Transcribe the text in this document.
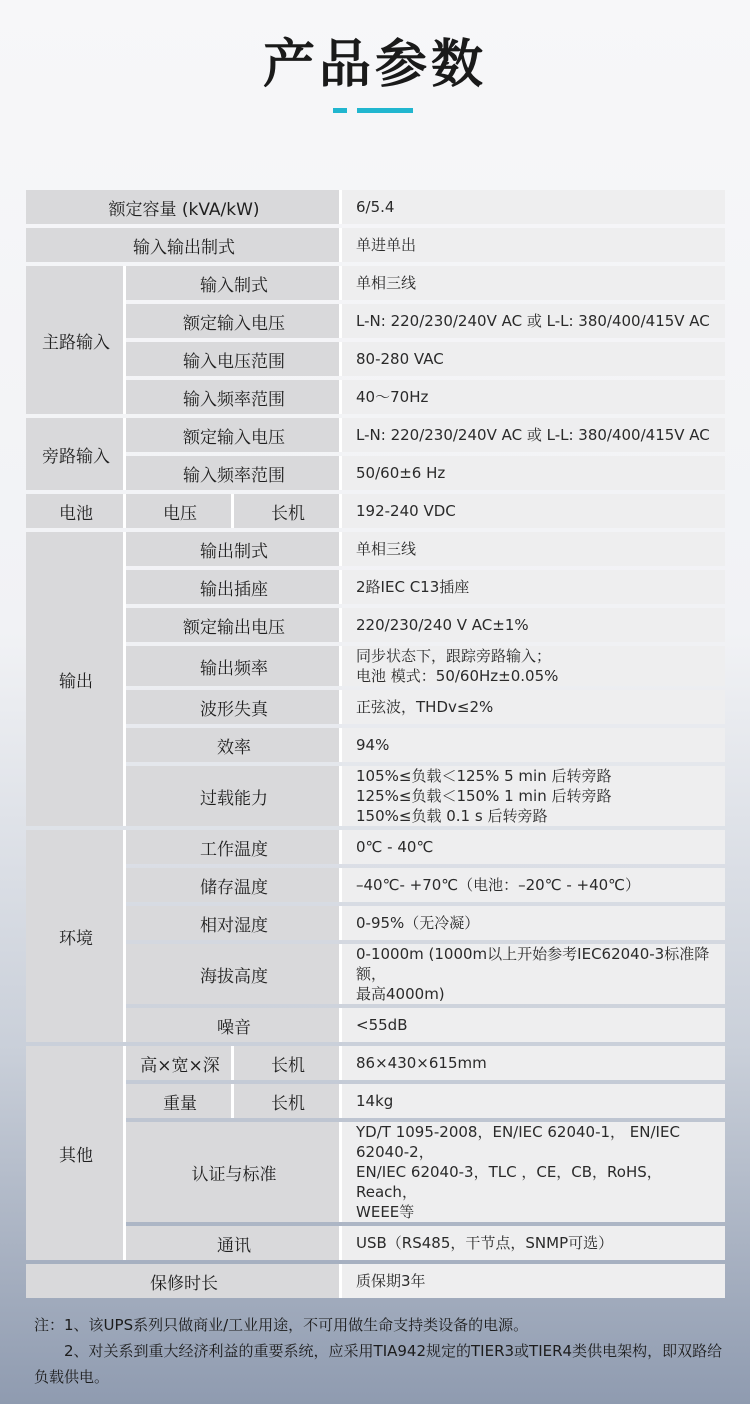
产品参数
额定容量 (kVA/kW)			6/5.4
输入输出制式			单进单出
主路输入	输入制式		单相三线
	额定输入电压		L-N: 220/230/240V AC 或 L-L: 380/400/415V AC
	输入电压范围		80-280 VAC
	输入频率范围		40～70Hz
旁路输入	额定输入电压		L-N: 220/230/240V AC 或 L-L: 380/400/415V AC
	输入频率范围		50/60±6 Hz
电池	电压	长机	192-240 VDC
输出	输出制式		单相三线
	输出插座		2路IEC C13插座
	额定输出电压		220/230/240 V AC±1%
	输出频率		同步状态下，跟踪旁路输入；
电池 模式：50/60Hz±0.05%

	波形失真		正弦波，THDv≤2%
	效率		94%
	过载能力		105%≤负载＜125% 5 min 后转旁路
125%≤负载＜150% 1 min 后转旁路
150%≤负载 0.1 s 后转旁路

环境	工作温度		0℃ - 40℃
	储存温度		–40℃- +70℃（电池：–20℃ - +40℃）
	相对湿度		0-95%（无冷凝）
	海拔高度		0-1000m (1000m以上开始参考IEC62040-3标准降额，
最高4000m)

	噪音		<55dB
其他	高×宽×深	长机	86×430×615mm
	重量	长机	14kg
	认证与标准		YD/T 1095-2008，EN/IEC 62040-1， EN/IEC 62040-2，
EN/IEC 62040-3，TLC ，CE，CB，RoHS，Reach，
WEEE等

	通讯		USB（RS485，干节点，SNMP可选）
保修时长			质保期3年

注：1、该UPS系列只做商业/工业用途，不可用做生命支持类设备的电源。

2、对关系到重大经济利益的重要系统，应采用TIA942规定的TIER3或TIER4类供电架构，即双路给负载供电。
